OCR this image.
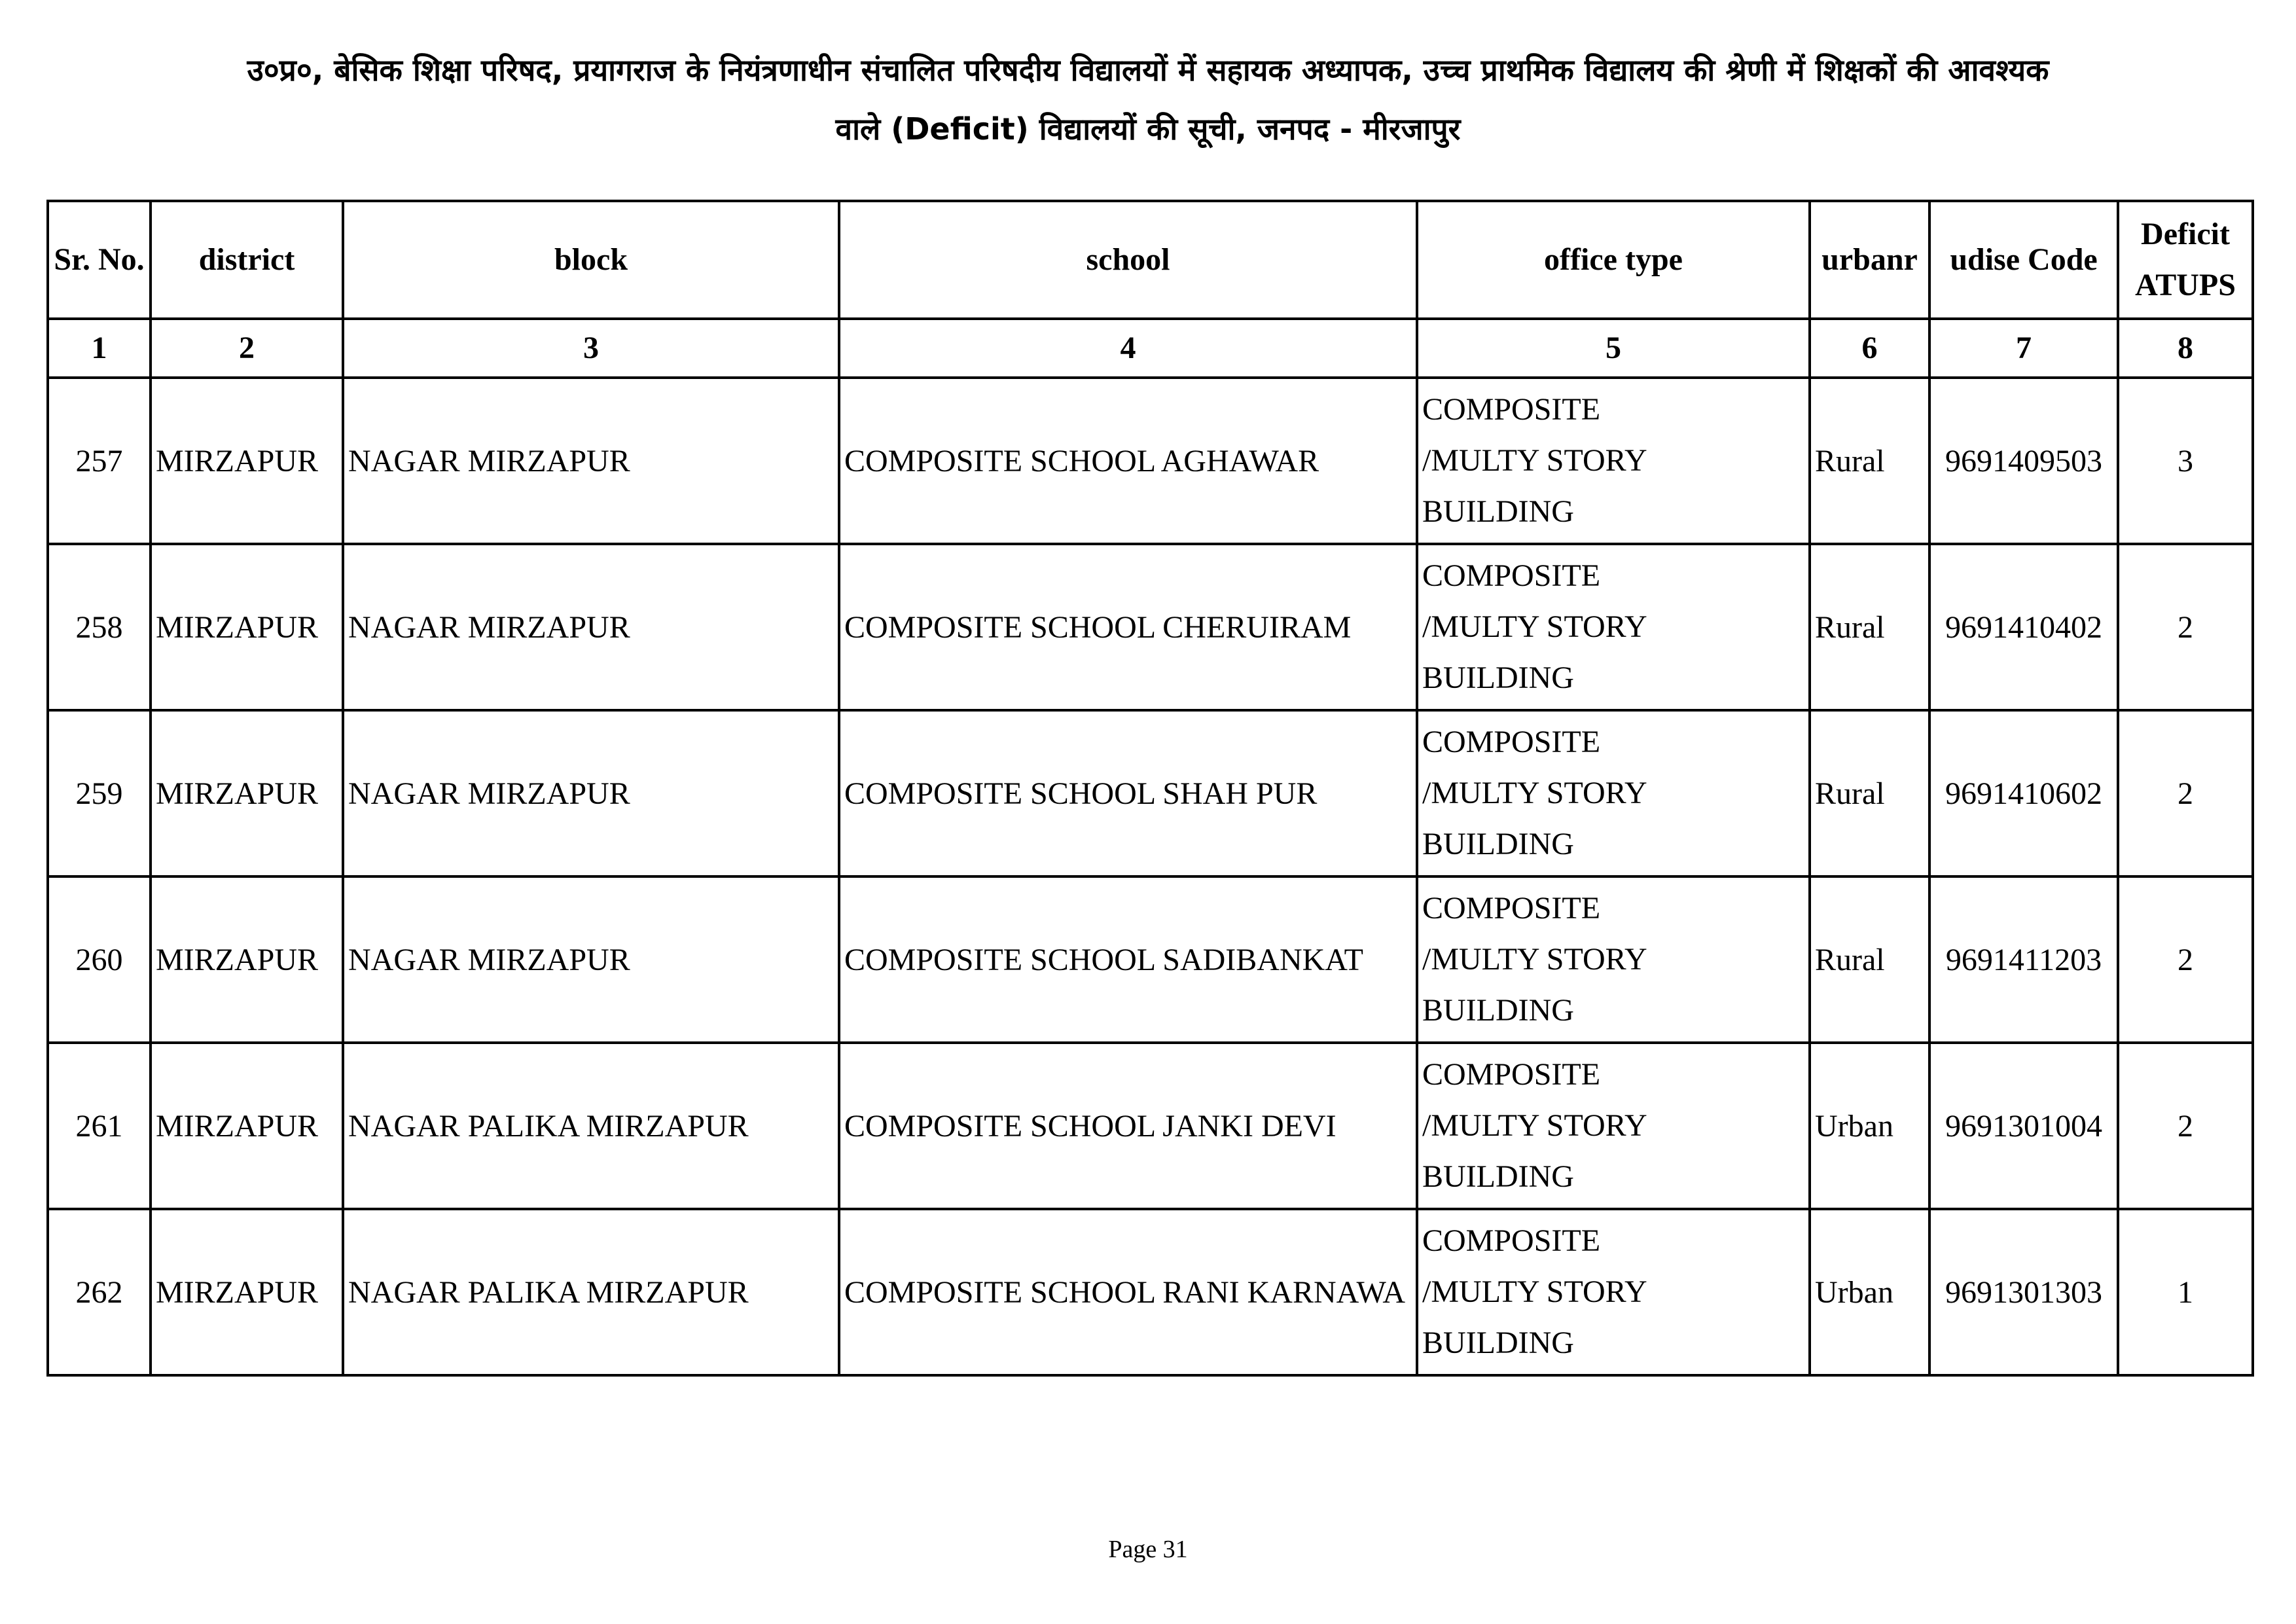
उ०प्र०, बेसिक शिक्षा परिषद, प्रयागराज के नियंत्रणाधीन संचालित परिषदीय विद्यालयों में सहायक अध्यापक, उच्च प्राथमिक विद्यालय की श्रेणी में शिक्षकों की आवश्यक
वाले (Deficit) विद्यालयों की सूची, जनपद - मीरजापुर
Sr. No.	district	block	school	office type	urbanr	udise Code	Deficit
ATUPS
1	2	3	4	5	6	7	8
257	MIRZAPUR	NAGAR MIRZAPUR	COMPOSITE SCHOOL AGHAWAR	COMPOSITE
/MULTY STORY
BUILDING	Rural	9691409503	3
258	MIRZAPUR	NAGAR MIRZAPUR	COMPOSITE SCHOOL CHERUIRAM	COMPOSITE
/MULTY STORY
BUILDING	Rural	9691410402	2
259	MIRZAPUR	NAGAR MIRZAPUR	COMPOSITE SCHOOL SHAH PUR	COMPOSITE
/MULTY STORY
BUILDING	Rural	9691410602	2
260	MIRZAPUR	NAGAR MIRZAPUR	COMPOSITE SCHOOL SADIBANKAT	COMPOSITE
/MULTY STORY
BUILDING	Rural	9691411203	2
261	MIRZAPUR	NAGAR PALIKA MIRZAPUR	COMPOSITE SCHOOL JANKI DEVI	COMPOSITE
/MULTY STORY
BUILDING	Urban	9691301004	2
262	MIRZAPUR	NAGAR PALIKA MIRZAPUR	COMPOSITE SCHOOL RANI KARNAWA	COMPOSITE
/MULTY STORY
BUILDING	Urban	9691301303	1
Page 31
